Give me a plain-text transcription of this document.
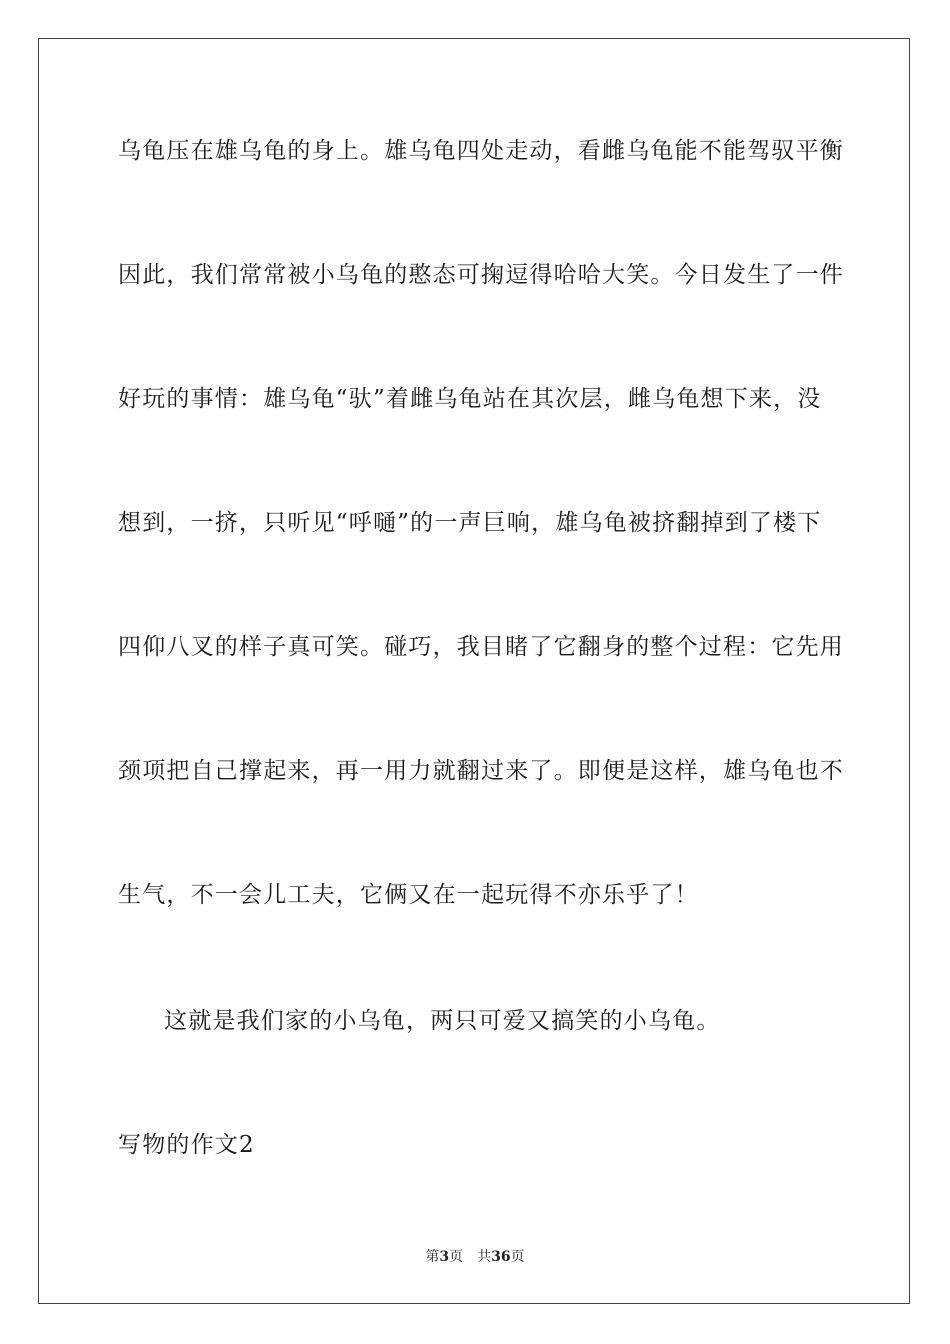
乌龟压在雄乌龟的身上。雄乌龟四处走动，看雌乌龟能不能驾驭平衡
因此，我们常常被小乌龟的憨态可掬逗得哈哈大笑。今日发生了一件
好玩的事情：雄乌龟“驮”着雌乌龟站在其次层，雌乌龟想下来，没
想到，一挤，只听见“呼嗵”的一声巨响，雄乌龟被挤翻掉到了楼下
四仰八叉的样子真可笑。碰巧，我目睹了它翻身的整个过程：它先用
颈项把自己撑起来，再一用力就翻过来了。即便是这样，雄乌龟也不
生气，不一会儿工夫，它俩又在一起玩得不亦乐乎了！
这就是我们家的小乌龟，两只可爱又搞笑的小乌龟。
写物的作文2
第3页 共36页
